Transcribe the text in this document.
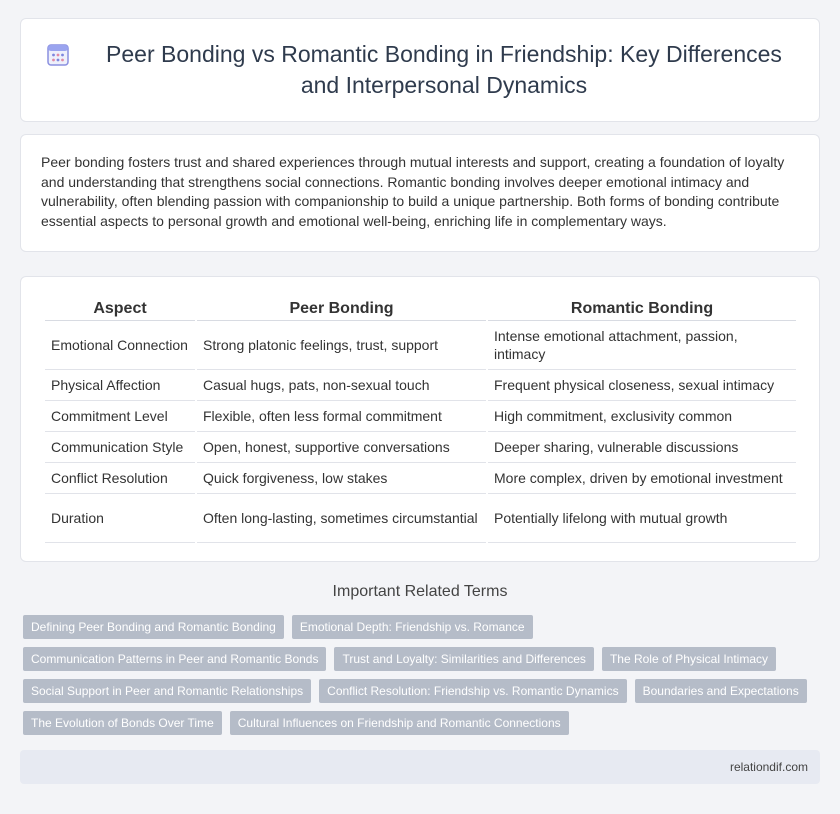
Peer Bonding vs Romantic Bonding in Friendship: Key Differences and Interpersonal Dynamics

Peer bonding fosters trust and shared experiences through mutual interests and support, creating a foundation of loyalty and understanding that strengthens social connections. Romantic bonding involves deeper emotional intimacy and vulnerability, often blending passion with companionship to build a unique partnership. Both forms of bonding contribute essential aspects to personal growth and emotional well-being, enriching life in complementary ways.

Aspect	Peer Bonding	Romantic Bonding
Emotional Connection	Strong platonic feelings, trust, support	Intense emotional attachment, passion, intimacy
Physical Affection	Casual hugs, pats, non-sexual touch	Frequent physical closeness, sexual intimacy
Commitment Level	Flexible, often less formal commitment	High commitment, exclusivity common
Communication Style	Open, honest, supportive conversations	Deeper sharing, vulnerable discussions
Conflict Resolution	Quick forgiveness, low stakes	More complex, driven by emotional investment
Duration	Often long-lasting, sometimes circumstantial	Potentially lifelong with mutual growth
Important Related Terms
Defining Peer Bonding and Romantic Bonding	Emotional Depth: Friendship vs. Romance
Communication Patterns in Peer and Romantic Bonds	Trust and Loyalty: Similarities and Differences	The Role of Physical Intimacy
Social Support in Peer and Romantic Relationships	Conflict Resolution: Friendship vs. Romantic Dynamics	Boundaries and Expectations
The Evolution of Bonds Over Time	Cultural Influences on Friendship and Romantic Connections
relationdif.com
